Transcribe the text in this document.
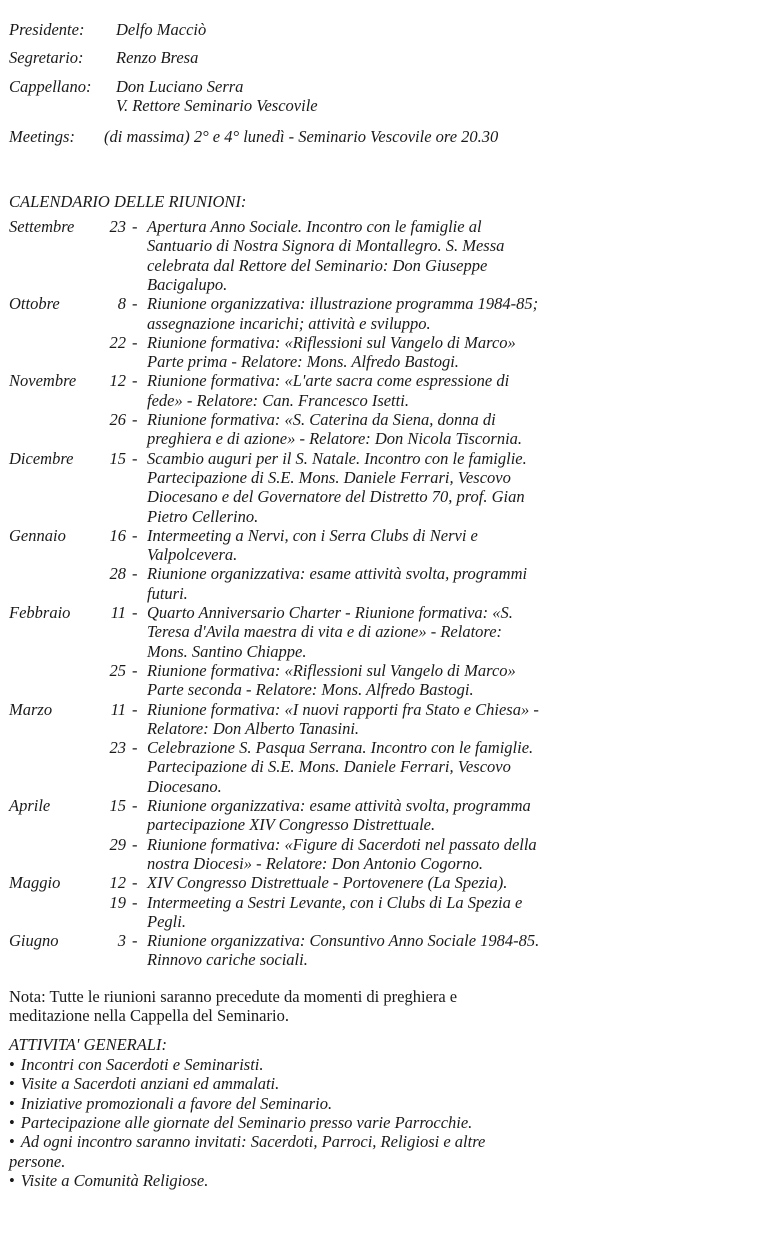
Presidente: Delfo Macciò
Segretario: Renzo Bresa
Cappellano: Don Luciano Serra
V. Rettore Seminario Vescovile
Meetings: (di massima) 2° e 4° lunedì - Seminario Vescovile ore 20.30
CALENDARIO DELLE RIUNIONI:
Settembre	23 - Apertura Anno Sociale. Incontro con le famiglie al
Santuario di Nostra Signora di Montallegro. S. Messa
celebrata dal Rettore del Seminario: Don Giuseppe
Bacigalupo.
Ottobre	8 - Riunione organizzativa: illustrazione programma 1984-85;
assegnazione incarichi; attività e sviluppo.
22 - Riunione formativa: «Riflessioni sul Vangelo di Marco»
Parte prima - Relatore: Mons. Alfredo Bastogi.
Novembre	12 - Riunione formativa: «L'arte sacra come espressione di
fede» - Relatore: Can. Francesco Isetti.
26 - Riunione formativa: «S. Caterina da Siena, donna di
preghiera e di azione» - Relatore: Don Nicola Tiscornia.
Dicembre	15 - Scambio auguri per il S. Natale. Incontro con le famiglie.
Partecipazione di S.E. Mons. Daniele Ferrari, Vescovo
Diocesano e del Governatore del Distretto 70, prof. Gian
Pietro Cellerino.
Gennaio	16 - Intermeeting a Nervi, con i Serra Clubs di Nervi e
Valpolcevera.
28 - Riunione organizzativa: esame attività svolta, programmi
futuri.
Febbraio	11 - Quarto Anniversario Charter - Riunione formativa: «S.
Teresa d'Avila maestra di vita e di azione» - Relatore:
Mons. Santino Chiappe.
25 - Riunione formativa: «Riflessioni sul Vangelo di Marco»
Parte seconda - Relatore: Mons. Alfredo Bastogi.
Marzo	11 - Riunione formativa: «I nuovi rapporti fra Stato e Chiesa» -
Relatore: Don Alberto Tanasini.
23 - Celebrazione S. Pasqua Serrana. Incontro con le famiglie.
Partecipazione di S.E. Mons. Daniele Ferrari, Vescovo
Diocesano.
Aprile	15 - Riunione organizzativa: esame attività svolta, programma
partecipazione XIV Congresso Distrettuale.
29 - Riunione formativa: «Figure di Sacerdoti nel passato della
nostra Diocesi» - Relatore: Don Antonio Cogorno.
Maggio	12 - XIV Congresso Distrettuale - Portovenere (La Spezia).
19 - Intermeeting a Sestri Levante, con i Clubs di La Spezia e
Pegli.
Giugno	3 - Riunione organizzativa: Consuntivo Anno Sociale 1984-85.
Rinnovo cariche sociali.
Nota: Tutte le riunioni saranno precedute da momenti di preghiera e
meditazione nella Cappella del Seminario.
ATTIVITA' GENERALI:
• Incontri con Sacerdoti e Seminaristi.
• Visite a Sacerdoti anziani ed ammalati.
• Iniziative promozionali a favore del Seminario.
• Partecipazione alle giornate del Seminario presso varie Parrocchie.
• Ad ogni incontro saranno invitati: Sacerdoti, Parroci, Religiosi e altre
persone.
• Visite a Comunità Religiose.
